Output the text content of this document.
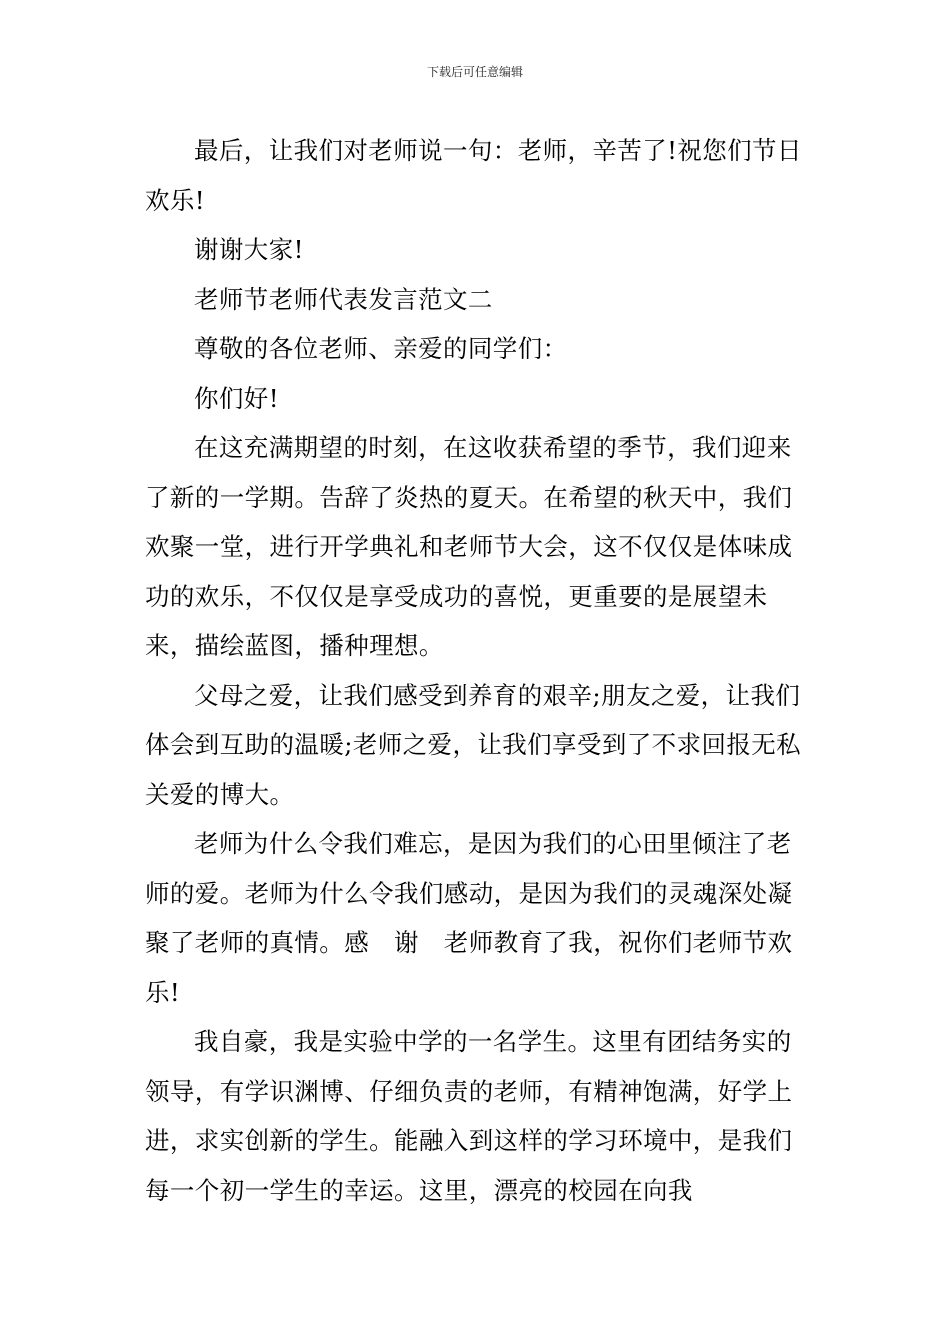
下载后可任意编辑

最后，让我们对老师说一句：老师，辛苦了!祝您们节日欢乐!

谢谢大家!

老师节老师代表发言范文二

尊敬的各位老师、亲爱的同学们：

你们好!

在这充满期望的时刻，在这收获希望的季节，我们迎来了新的一学期。告辞了炎热的夏天。在希望的秋天中，我们欢聚一堂，进行开学典礼和老师节大会，这不仅仅是体味成功的欢乐，不仅仅是享受成功的喜悦，更重要的是展望未来，描绘蓝图，播种理想。

父母之爱，让我们感受到养育的艰辛;朋友之爱，让我们体会到互助的温暖;老师之爱，让我们享受到了不求回报无私关爱的博大。

老师为什么令我们难忘，是因为我们的心田里倾注了老师的爱。老师为什么令我们感动，是因为我们的灵魂深处凝聚了老师的真情。感　谢　老师教育了我，祝你们老师节欢乐!

我自豪，我是实验中学的一名学生。这里有团结务实的领导，有学识渊博、仔细负责的老师，有精神饱满，好学上进，求实创新的学生。能融入到这样的学习环境中，是我们每一个初一学生的幸运。这里，漂亮的校园在向我
